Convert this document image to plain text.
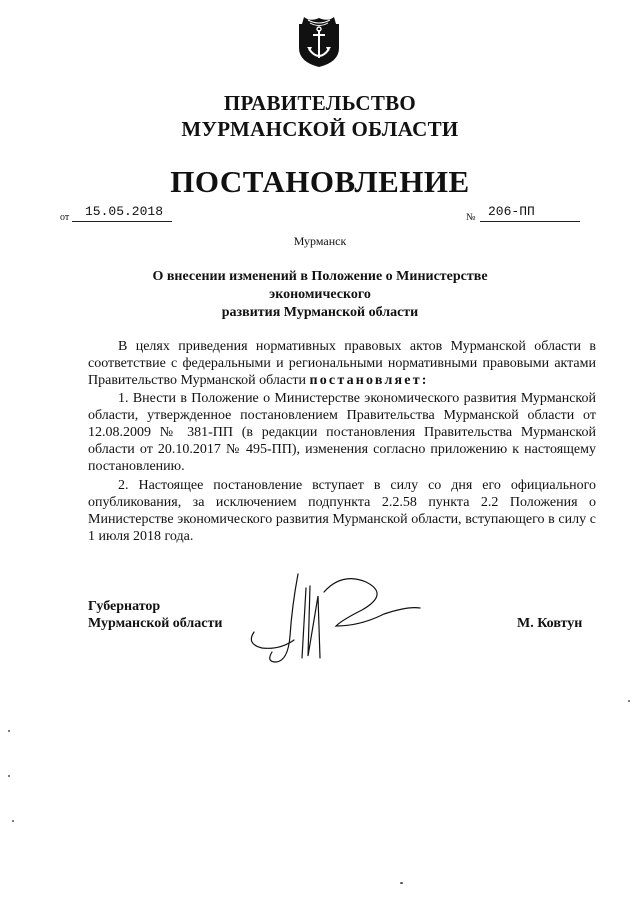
ПРАВИТЕЛЬСТВО
МУРМАНСКОЙ ОБЛАСТИ
ПОСТАНОВЛЕНИЕ
от 15.05.2018	№ 206-ПП
Мурманск
О внесении изменений в Положение о Министерстве экономического
развития Мурманской области
В целях приведения нормативных правовых актов Мурманской области в соответствие с федеральными и региональными нормативными правовыми актами Правительство Мурманской области постановляет:
1. Внести в Положение о Министерстве экономического развития Мурманской области, утвержденное постановлением Правительства Мурманской области от 12.08.2009 № 381-ПП (в редакции постановления Правительства Мурманской области от 20.10.2017 № 495-ПП), изменения согласно приложению к настоящему постановлению.
2. Настоящее постановление вступает в силу со дня его официального опубликования, за исключением подпункта 2.2.58 пункта 2.2 Положения о Министерстве экономического развития Мурманской области, вступающего в силу с 1 июля 2018 года.
Губернатор
Мурманской области	М. Ковтун
